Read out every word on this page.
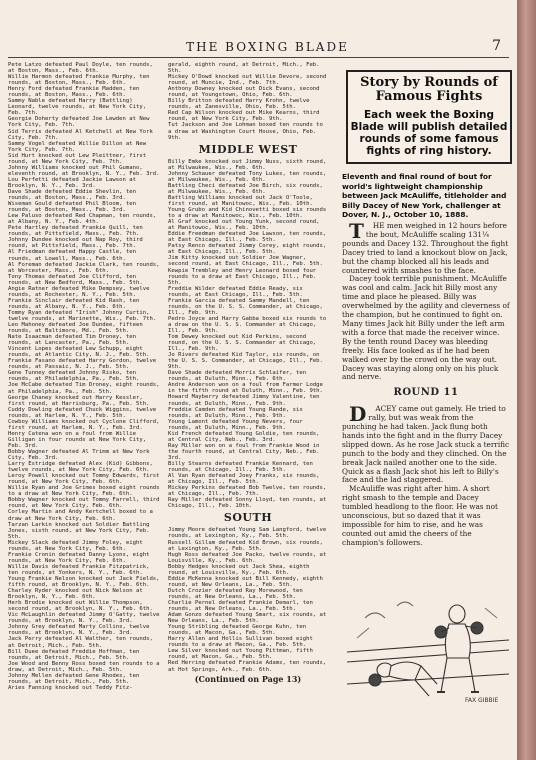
THE BOXING BLADE	7

Pete Latzo defeated Paul Doyle, ten rounds, at Boston, Mass., Feb. 6th.

Willie Harmon defeated Frankie Murphy, ten rounds, at Boston, Mass., Feb. 6th.

Henry Ford defeated Frankie Madden, ten rounds, at Boston, Mass., Feb. 6th.

Sammy Nable defeated Harry (Battling) Leonard, twelve rounds, at New York City, Feb. 7th.

Georgie Doherty defeated Joe Lewden at New York City, Feb. 7th.

Sid Terris defeated Al Ketchell at New York City, Feb. 7th.

Sammy Vogel defeated Willie Dillon at New York City, Feb. 7th.

Sid Hurt knocked out Lew Pleittner, first round, at New York City, Feb. 7th.

Johnny Williams knocked out Phil Gumano, eleventh round, at Brooklyn, N. Y., Feb. 3rd.

Lou Perfetti defeated Jackie Lawson at Brooklyn, N. Y., Feb. 3rd.

Dave Shade defeated Eddie Shevlin, ten rounds, at Boston, Mass., Feb. 3rd.

Wiseman Gould defeated Phil Bloom, ten rounds, at Boston, Mass., Feb. 3rd.

Lew Paluso defeated Red Chapman, ten rounds, at Albany, N. Y., Feb. 4th.

Pete Hartley defeated Frankie Quill, ten rounds, at Pittsfield, Mass., Feb. 7th.

Johnny Dundee knocked out Nap Roy, third round, at Pittsfield, Mass., Feb. 7th.

Al Friedman defeated Happy Castle, ten rounds, at Lowell, Mass., Feb. 6th.

Al Foreman defeated Jackie Clark, ten rounds, at Worcester, Mass., Feb. 6th.

Tony Thomas defeated Joe Clifford, ten rounds, at New Bedford, Mass., Feb. 5th.

Angie Ratner defeated Mike Dempsey, twelve rounds, at Rochester, N. Y., Feb. 5th.

Frankie Sinclair defeated Kid Rash, ten rounds, at Albany, N. Y., Feb. 6th.

Tommy Ryan defeated "Irish" Johnny Curtin, twelve rounds, at Marinette, Wis., Feb. 7th.

Leo Mahoney defeated Joe Dundee, fifteen rounds, at Baltimore, Md., Feb. 5th.

Nate Isaacman defeated Tim Droney, ten rounds, at Lancaster, Pa., Feb. 5th.

Vincent Lopes defeated Lew Schupp, eight rounds, at Atlantic City, N. J., Feb. 5th.

Frankie Fasano defeated Harry Gordon, twelve rounds, at Passaic, N. J., Feb. 5th.

Gene Tunney defeated Johnny Risko, ten rounds, at Philadelphia, Pa., Feb. 5th.

Joe McCabe defeated Tim Droney, eight rounds, at Philadelphia, Pa., Feb. 5th.

George Chaney knocked out Harry Kessler, first round, at Harrisburg, Pa., Feb. 5th.

Cuddy Dowling defeated Chuck Wiggins, twelve rounds, at Harlem, N. Y., Feb. 5th.

Cowboy Williams knocked out Cyclone Clifford, first round, at Harlem, N. Y., Feb. 3rd.

Henry Catena won on a foul from Willie Gilligan in four rounds at New York City, Feb. 3rd.

Bobby Wagner defeated Al Trimm at New York City, Feb. 3rd.

Larry Estridge defeated Alex (Kid) Gibbons, twelve rounds, at New York City, Feb. 6th.

Leroy Powell knocked out Tommy Edwards, first round, at New York City, Feb. 6th.

Willie Ryan and Joe Grimes boxed eight rounds to a draw at New York City, Feb. 6th.

Bobby Wagner knocked out Tommy Farrell, third round, at New York City, Feb. 6th.

Corley Martin and Andy Kertchell boxed to a draw at New York City, Feb. 6th.

Tarzan Larkin knocked out Soldier Battling Jones, sixth round, at New York City, Feb. 5th.

Mickey Slack defeated Jimmy Foley, eight rounds, at New York City, Feb. 6th.

Frankie Cronin defeated Danny Lyons, eight rounds, at New York City, Feb. 6th.

Willie Davis defeated Frankie Fitzpatrick, ten rounds, at Yonkers, N. Y., Feb. 6th.

Young Frankie Nelson knocked out Jack Fields, fifth round, at Brooklyn, N. Y., Feb. 6th.

Charley Ryder knocked out Nick Nelson at Brooklyn, N. Y., Feb. 6th.

Herb Brodie knocked out Willie Thompson, second round, at Brooklyn, N. Y., Feb. 6th.

Vic McLaughlin defeated Jimmy O'Gatty, twelve rounds, at Brooklyn, N. Y., Feb. 3rd.

Johnny Grey defeated Marty Collins, twelve rounds, at Brooklyn, N. Y., Feb. 3rd.

Jack Perry defeated Al Walther, ten rounds, at Detroit, Mich., Feb. 5th.

Bill Duee defeated Freddie Hoffman, ten rounds, at Detroit, Mich., Feb. 5th.

Joe Wood and Benny Ross boxed ten rounds to a draw, at Detroit, Mich., Feb. 5th.

Johnny Mellen defeated Gene Rhodes, ten rounds, at Detroit, Mich., Feb. 5th.

Aries Fanning knocked out Teddy Fitz-

gerald, eighth round, at Detroit, Mich., Feb. 5th.

Mickey O'Dowd knocked out Willie Devore, second round, at Muncie, Ind., Feb. 7th.

Anthony Downey knocked out Dick Evans, second round, at Youngstown, Ohio, Feb. 6th.

Billy Britton defeated Harry Krohn, twelve rounds, at Zanesville, Ohio, Feb. 5th.

Red Cap Wilson knocked out Mike Kearns, third round, at New York City, Feb. 9th.

Tut Jackson and Joe Lohman boxed ten rounds to a draw at Washington Court House, Ohio, Feb. 9th.

MIDDLE WEST

Billy Emke knocked out Jimmy Nuss, sixth round, at Milwaukee, Wis., Feb. 6th.

Johnny Schauer defeated Tony Lukes, ten rounds, at Milwaukee, Wis., Feb. 6th.

Battling Checi defeated Joe Birch, six rounds, at Milwaukee, Wis., Feb. 6th.

Battling Williams knocked out Jack O'Toole, first round, at Manitowoc, Wis., Feb. 10th.

Young Grubo and Kid Chinovetti boxed six rounds to a draw at Manitowoc, Wis., Feb. 10th.

Al Graf knocked out Young Yunk, second round, at Manitowoc, Wis., Feb. 10th.

Eddie Freedman defeated Joe Lawson, ten rounds, at East Chicago, Ill., Feb. 5th.

Patsy Renco defeated Jimmy Corey, eight rounds, at East Chicago, Ill., Feb. 5th.

Jim Kitty knocked out Soldier Joe Wagner, second round, at East Chicago, Ill., Feb. 5th.

Kewpie Trembley and Henry Leonard boxed four rounds to a draw at East Chicago, Ill., Feb. 5th.

Freddie Wilder defeated Eddie Ready, six rounds, at East Chicago, Ill., Feb. 5th.

Frankie Garcia defeated Sammy Mandell, ten rounds, on the U. S. S. Commander, at Chicago, Ill., Feb. 9th.

Pedro Joyce and Harry Gabba boxed six rounds to a draw on the U. S. S. Commander at Chicago, Ill., Feb. 9th.

Tom Dewey knocked out Kid Perkins, second round, on the U. S. S. Commander at Chicago, Ill., Feb. 9th.

Jo Rivers defeated Kid Taylor, six rounds, on the U. S. S. Commander, at Chicago, Ill., Feb. 9th.

Dave Shade defeated Morris Schlaifer, ten rounds, at Duluth, Minn., Feb. 6th.

Andre Anderson won on a foul from Farmer Lodge in the fifth round at Duluth, Minn., Feb. 9th.

Howard Mayberry defeated Jimmy Valentine, ten rounds, at Duluth, Minn., Feb. 9th.

Freddie Camden defeated Young Rande, six rounds, at Duluth, Minn., Feb. 9th.

Young Lamont defeated Young Nevers, four rounds, at Duluth, Minn., Feb. 9th.

Kid French defeated Young Goldie, ten rounds, at Central City, Neb., Feb. 3rd.

Ray Miller won on a foul from Frankie Wood in the fourth round, at Central City, Neb., Feb. 3rd.

Billy Stearns defeated Frankie Kennard, ten rounds, at Chicago, Ill., Feb. 5th.

Al Van Ryan defeated Joey Franks, six rounds, at Chicago, Ill., Feb. 5th.

Mickey Perkins defeated Bob Twelve, ten rounds, at Chicago, Ill., Feb. 7th.

Ray Miller defeated Sonny Lloyd, ten rounds, at Chicago, Ill., Feb. 10th.

SOUTH

Jimmy Moore defeated Young Sam Langford, twelve rounds, at Lexington, Ky., Feb. 5th.

Russell Gillam defeated Kid Brown, six rounds, at Lexington, Ky., Feb. 5th.

Hugh Ross defeated Joe Packo, twelve rounds, at Louisville, Ky., Feb. 6th.

Bobby Hedges knocked out Jack Shea, eighth round, at Louisville, Ky., Feb. 6th.

Eddie McKenna knocked out Bill Kennedy, eighth round, at New Orleans, La., Feb. 5th.

Dutch Crozier defeated Ray Morewood, ten rounds, at New Orleans, La., Feb. 5th.

Charlie Pernel defeated Frankie Demarl, ten rounds, at New Orleans, La., Feb. 5th.

Adam Gonzo defeated Young Smart, six rounds, at New Orleans, La., Feb. 5th.

Young Stribling defeated George Kuhn, ten rounds, at Macon, Ga., Feb. 5th.

Harry Allen and Hollis Sullivan boxed eight rounds to a draw at Macon, Ga., Feb. 5th.

Lew Silver knocked out Young Pittman, fifth round, at Macon, Ga., Feb. 5th.

Red Herring defeated Frankie Adams, ten rounds, at Hot Springs, Ark., Feb. 6th.

(Continued on Page 13)
Story by Rounds of Famous Fights
Each week the Boxing Blade will publish detailed rounds of some famous fights of ring history.
Eleventh and final round of bout for world's lightweight championship between Jack McAuliffe, titleholder and Billy Dacey of New York, challenger at Dover, N. J., October 10, 1888.

T HE men weighed in 12 hours before the bout, McAuliffe scaling 131¼ pounds and Dacey 132. Throughout the fight Dacey tried to land a knockout blow on Jack, but the champ blocked all his leads and countered with smashes to the face.

Dacey took terrible punishment. McAuliffe was cool and calm. Jack hit Billy most any time and place he pleased. Billy was overwhelmed by the agility and cleverness of the champion, but he continued to fight on. Many times Jack hit Billy under the left arm with a force that made the receiver wince. By the tenth round Dacey was bleeding freely. His face looked as if he had been walked over by the crowd on the way out. Dacey was staying along only on his pluck and nerve.

ROUND 11

D ACEY came out gamely. He tried to rally, but was weak from the punching he had taken. Jack flung both hands into the fight and in the flurry Dacey slipped down. As he rose Jack stuck a terrific punch to the body and they clinched. On the break Jack nailed another one to the side. Quick as a flash Jack shot his left to Billy's face and the lad staggered.

McAuliffe was right after him. A short right smash to the temple and Dacey tumbled headlong to the floor. He was not unconscious, but so dazed that it was impossible for him to rise, and he was counted out amid the cheers of the champion's followers.

FAX GIBBIE
